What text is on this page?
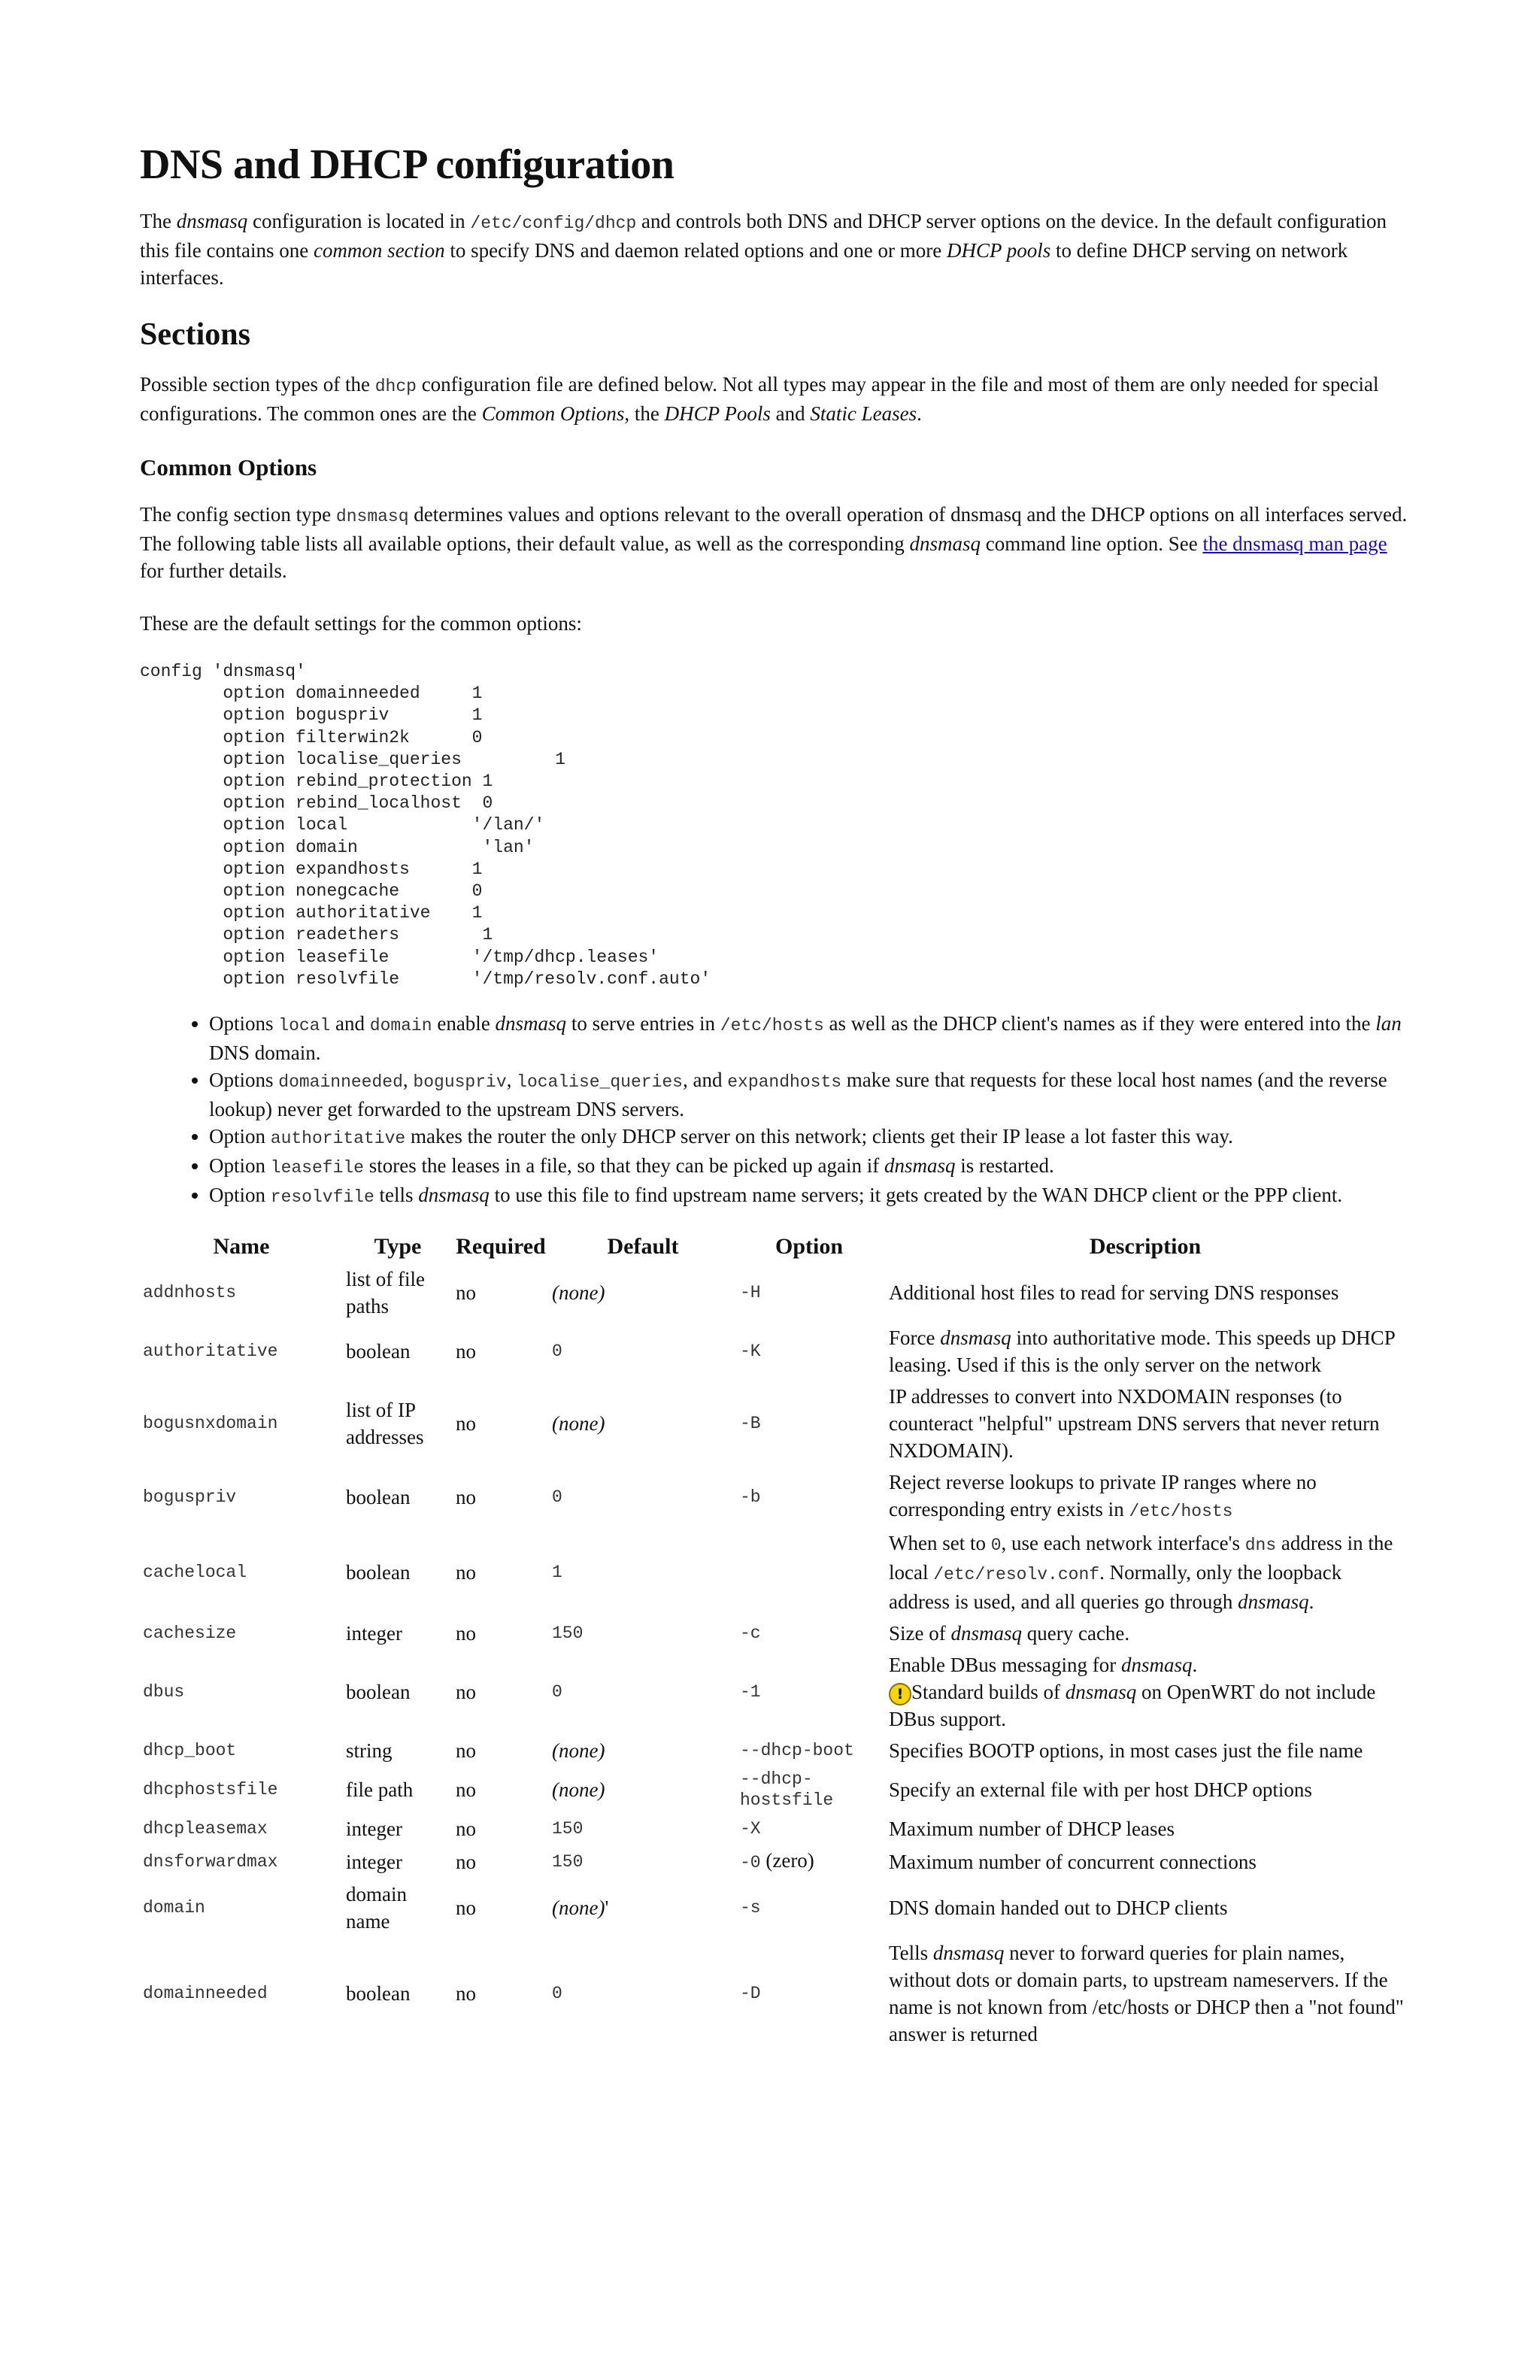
DNS and DHCP configuration

The dnsmasq configuration is located in /etc/config/dhcp and controls both DNS and DHCP server options on the device. In the default configuration this file contains one common section to specify DNS and daemon related options and one or more DHCP pools to define DHCP serving on network interfaces.

Sections

Possible section types of the dhcp configuration file are defined below. Not all types may appear in the file and most of them are only needed for special configurations. The common ones are the Common Options, the DHCP Pools and Static Leases.

Common Options

The config section type dnsmasq determines values and options relevant to the overall operation of dnsmasq and the DHCP options on all interfaces served. The following table lists all available options, their default value, as well as the corresponding dnsmasq command line option. See the dnsmasq man page for further details.

These are the default settings for the common options:

config 'dnsmasq'
option domainneeded     1
option boguspriv        1
option filterwin2k      0
option localise_queries         1
option rebind_protection 1
option rebind_localhost  0
option local            '/lan/'
option domain            'lan'
option expandhosts      1
option nonegcache       0
option authoritative    1
option readethers        1
option leasefile        '/tmp/dhcp.leases'
option resolvfile       '/tmp/resolv.conf.auto'
• Options local and domain enable dnsmasq to serve entries in /etc/hosts as well as the DHCP client's names as if they were entered into the lan DNS domain.
• Options domainneeded, boguspriv, localise_queries, and expandhosts make sure that requests for these local host names (and the reverse lookup) never get forwarded to the upstream DNS servers.
• Option authoritative makes the router the only DHCP server on this network; clients get their IP lease a lot faster this way.
• Option leasefile stores the leases in a file, so that they can be picked up again if dnsmasq is restarted.
• Option resolvfile tells dnsmasq to use this file to find upstream name servers; it gets created by the WAN DHCP client or the PPP client.
Name	Type	Required	Default	Option	Description
addnhosts	list of file paths	no	(none)	-H	Additional host files to read for serving DNS responses
authoritative	boolean	no	0	-K	Force dnsmasq into authoritative mode. This speeds up DHCP leasing. Used if this is the only server on the network
bogusnxdomain	list of IP addresses	no	(none)	-B	IP addresses to convert into NXDOMAIN responses (to counteract "helpful" upstream DNS servers that never return NXDOMAIN).
boguspriv	boolean	no	0	-b	Reject reverse lookups to private IP ranges where no corresponding entry exists in /etc/hosts
cachelocal	boolean	no	1		When set to 0, use each network interface's dns address in the local /etc/resolv.conf. Normally, only the loopback address is used, and all queries go through dnsmasq.
cachesize	integer	no	150	-c	Size of dnsmasq query cache.
dbus	boolean	no	0	-1	Enable DBus messaging for dnsmasq.
! Standard builds of dnsmasq on OpenWRT do not include DBus support.
dhcp_boot	string	no	(none)	--dhcp-boot	Specifies BOOTP options, in most cases just the file name
dhcphostsfile	file path	no	(none)	--dhcp-hostsfile	Specify an external file with per host DHCP options
dhcpleasemax	integer	no	150	-X	Maximum number of DHCP leases
dnsforwardmax	integer	no	150	-0 (zero)	Maximum number of concurrent connections
domain	domain name	no	(none)'	-s	DNS domain handed out to DHCP clients
domainneeded	boolean	no	0	-D	Tells dnsmasq never to forward queries for plain names, without dots or domain parts, to upstream nameservers. If the name is not known from /etc/hosts or DHCP then a "not found" answer is returned
